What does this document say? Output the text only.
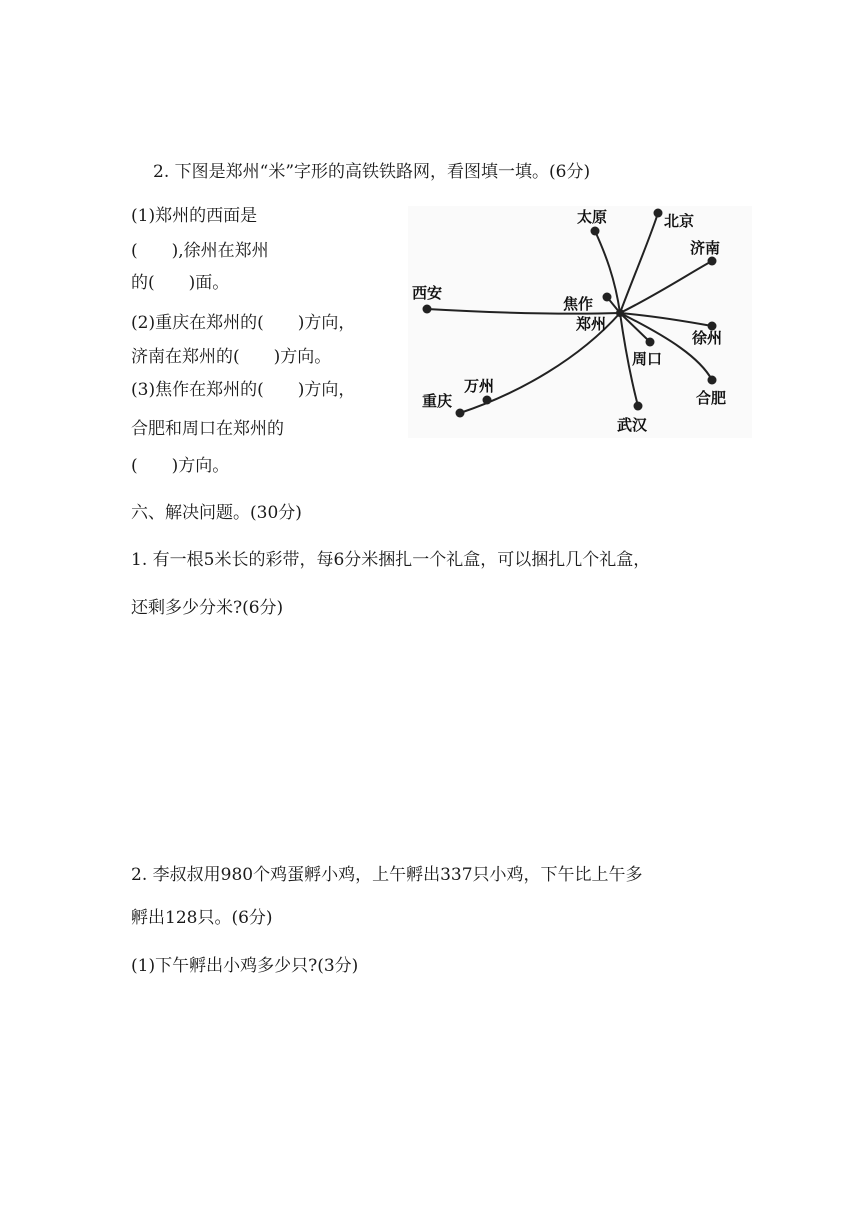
2. 下图是郑州“米”字形的高铁铁路网，看图填一填。(6分)
(1)郑州的西面是
(　　),徐州在郑州
的(　　)面。
(2)重庆在郑州的(　　)方向，
济南在郑州的(　　)方向。
(3)焦作在郑州的(　　)方向，
合肥和周口在郑州的
(　　)方向。
太原	北京
济南
西安
焦作
郑州
徐州
周口
合肥
武汉
万州
重庆
六、解决问题。(30分)
1. 有一根5米长的彩带，每6分米捆扎一个礼盒，可以捆扎几个礼盒，
还剩多少分米?(6分)
2. 李叔叔用980个鸡蛋孵小鸡，上午孵出337只小鸡，下午比上午多
孵出128只。(6分)
(1)下午孵出小鸡多少只?(3分)
